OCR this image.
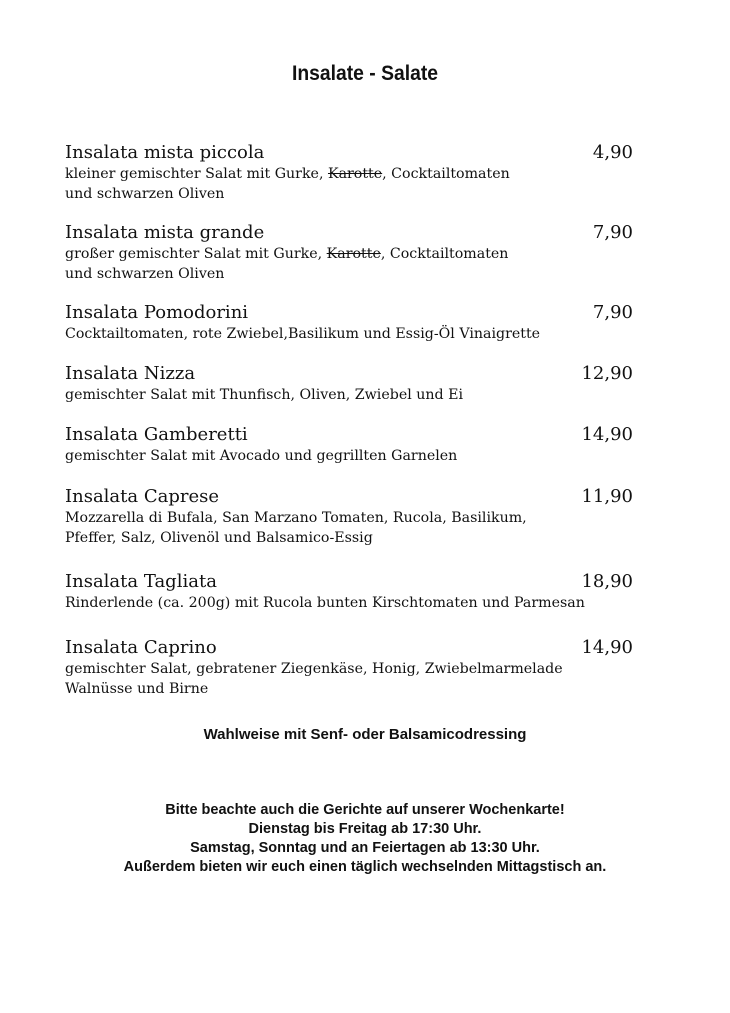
Insalate - Salate
Insalata mista piccola	4,90
kleiner gemischter Salat mit Gurke, Karotte, Cocktailtomaten
und schwarzen Oliven
Insalata mista grande	7,90
großer gemischter Salat mit Gurke, Karotte, Cocktailtomaten
und schwarzen Oliven
Insalata Pomodorini	7,90
Cocktailtomaten, rote Zwiebel,Basilikum und Essig-Öl Vinaigrette
Insalata Nizza	12,90
gemischter Salat mit Thunfisch, Oliven, Zwiebel und Ei
Insalata Gamberetti	14,90
gemischter Salat mit Avocado und gegrillten Garnelen
Insalata Caprese	11,90
Mozzarella di Bufala, San Marzano Tomaten, Rucola, Basilikum,
Pfeffer, Salz, Olivenöl und Balsamico-Essig
Insalata Tagliata	18,90
Rinderlende (ca. 200g) mit Rucola bunten Kirschtomaten und Parmesan
Insalata Caprino	14,90
gemischter Salat, gebratener Ziegenkäse, Honig, Zwiebelmarmelade
Walnüsse und Birne
Wahlweise mit Senf- oder Balsamicodressing
Bitte beachte auch die Gerichte auf unserer Wochenkarte!
Dienstag bis Freitag ab 17:30 Uhr.
Samstag, Sonntag und an Feiertagen ab 13:30 Uhr.
Außerdem bieten wir euch einen täglich wechselnden Mittagstisch an.
